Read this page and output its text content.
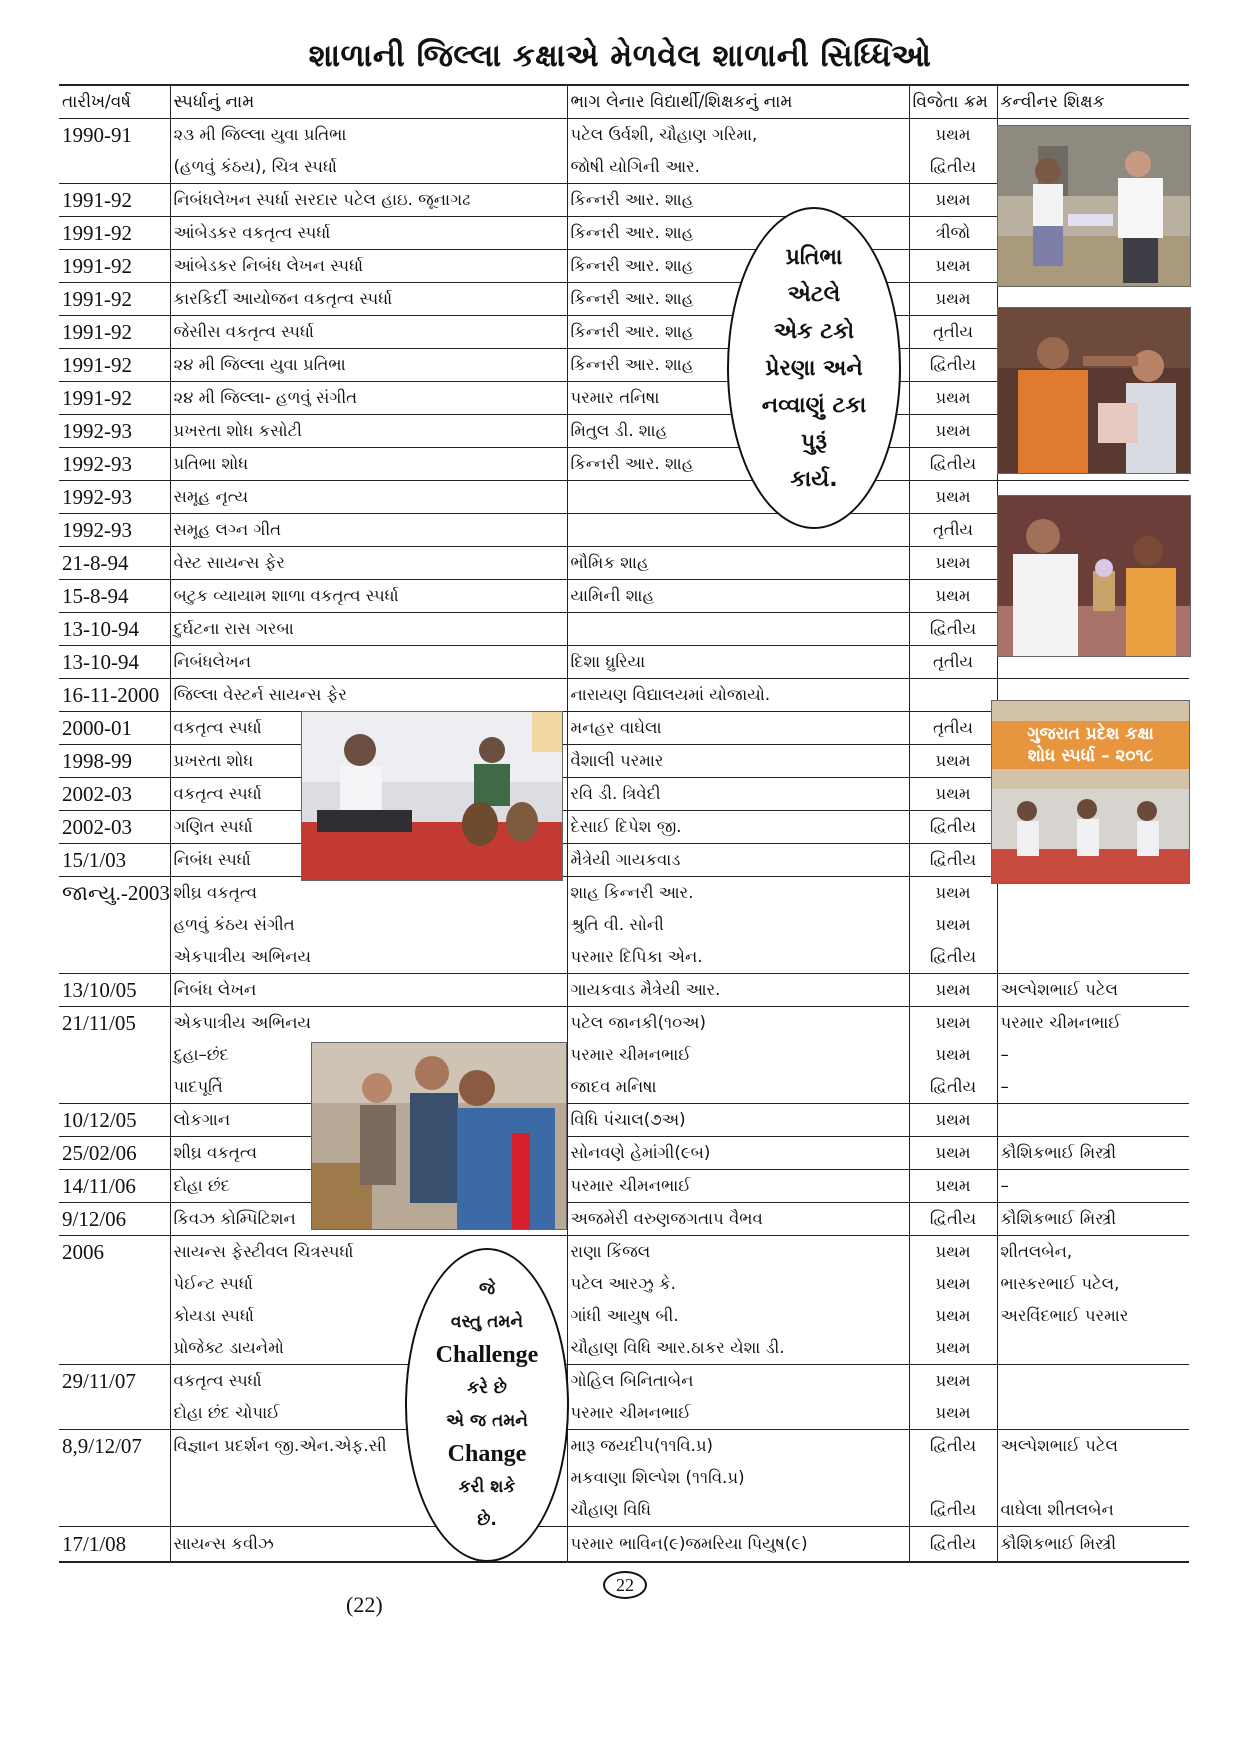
શાળાની જિલ્લા કક્ષાએ મેળવેલ શાળાની સિધ્ધિઓ
તારીખ/વર્ષ	સ્પર્ધાનું નામ	ભાગ લેનાર વિદ્યાર્થી/શિક્ષકનું નામ	વિજેતા ક્રમ	કન્વીનર શિક્ષક
1990-91	૨૩ મી જિલ્લા યુવા પ્રતિભા	પટેલ ઉર્વશી, ચૌહાણ ગરિમા,	પ્રથમ	
	(હળવું કંઠય), ચિત્ર સ્પર્ધા	જોષી યોગિની આર.	દ્વિતીય	
1991-92	નિબંધલેખન સ્પર્ધા સરદાર પટેલ હાઇ. જૂનાગઢ	કિન્નરી આર. શાહ	પ્રથમ	
1991-92	આંબેડકર વકતૃત્વ સ્પર્ધા	કિન્નરી આર. શાહ	ત્રીજો	
1991-92	આંબેડકર નિબંધ લેખન સ્પર્ધા	કિન્નરી આર. શાહ	પ્રથમ	
1991-92	કારકિર્દી આયોજન વકતૃત્વ સ્પર્ધા	કિન્નરી આર. શાહ	પ્રથમ	
1991-92	જેસીસ વકતૃત્વ સ્પર્ધા	કિન્નરી આર. શાહ	તૃતીય	
1991-92	૨૪ મી જિલ્લા યુવા પ્રતિભા	કિન્નરી આર. શાહ	દ્વિતીય	
1991-92	૨૪ મી જિલ્લા- હળવું સંગીત	પરમાર તનિષા	પ્રથમ	
1992-93	પ્રખરતા શોધ કસોટી	મિતુલ ડી. શાહ	પ્રથમ	
1992-93	પ્રતિભા શોધ	કિન્નરી આર. શાહ	દ્વિતીય	
1992-93	સમૂહ નૃત્ય		પ્રથમ	
1992-93	સમૂહ લગ્ન ગીત		તૃતીય	
21-8-94	વેસ્ટ સાયન્સ ફેર	ભૌમિક શાહ	પ્રથમ	
15-8-94	બટુક વ્યાયામ શાળા વકતૃત્વ સ્પર્ધા	યામિની શાહ	પ્રથમ	
13-10-94	દુર્ઘટના રાસ ગરબા		દ્વિતીય	
13-10-94	નિબંધલેખન	દિશા ધ્રુરિયા	તૃતીય	
16-11-2000	જિલ્લા વેસ્ટર્ન સાયન્સ ફેર	નારાયણ વિદ્યાલયમાં યોજાયો.		
2000-01	વકતૃત્વ સ્પર્ધા	મનહર વાઘેલા	તૃતીય	
1998-99	પ્રખરતા શોધ	વૈશાલી પરમાર	પ્રથમ	
2002-03	વકતૃત્વ સ્પર્ધા	રવિ ડી. ત્રિવેદી	પ્રથમ	
2002-03	ગણિત સ્પર્ધા	દેસાઈ દિપેશ જી.	દ્વિતીય	
15/1/03	નિબંધ સ્પર્ધા	મૈત્રેયી ગાયકવાડ	દ્વિતીય	
જાન્યુ.-2003	શીઘ્ર વકતૃત્વ	શાહ કિન્નરી આર.	પ્રથમ	
	હળવું કંઠય સંગીત	શ્રુતિ વી. સોની	પ્રથમ	
	એકપાત્રીય અભિનય	પરમાર દિપિકા એન.	દ્વિતીય	
13/10/05	નિબંધ લેખન	ગાયકવાડ મૈત્રેયી આર.	પ્રથમ	અલ્પેશભાઈ પટેલ
21/11/05	એકપાત્રીય અભિનય	પટેલ જાનકી(૧૦અ)	પ્રથમ	પરમાર ચીમનભાઈ
	દુહા–છંદ	પરમાર ચીમનભાઈ	પ્રથમ	–
	પાદપૂર્તિ	જાદવ મનિષા	દ્વિતીય	–
10/12/05	લોકગાન	વિધિ પંચાલ(૭અ)	પ્રથમ	
25/02/06	શીઘ્ર વકતૃત્વ	સોનવણે હેમાંગી(૯બ)	પ્રથમ	કૌશિકભાઈ મિસ્ત્રી
14/11/06	દોહા છંદ	પરમાર ચીમનભાઈ	પ્રથમ	–
9/12/06	કિવઝ કોમ્પિટિશન	અજમેરી વરુણજગતાપ વૈભવ	દ્વિતીય	કૌશિકભાઈ મિસ્ત્રી
2006	સાયન્સ ફેસ્ટીવલ ચિત્રસ્પર્ધા	રાણા કિંજલ	પ્રથમ	શીતલબેન,
	પેઈન્ટ સ્પર્ધા	પટેલ આરઝુ કે.	પ્રથમ	ભાસ્કરભાઈ પટેલ,
	કોયડા સ્પર્ધા	ગાંધી આયુષ બી.	પ્રથમ	અરવિંદભાઈ પરમાર
	પ્રોજેક્ટ ડાયનેમો	ચૌહાણ વિધિ આર.ઠાકર યેશા ડી.	પ્રથમ	
29/11/07	વકતૃત્વ સ્પર્ધા	ગોહિલ બિનિતાબેન	પ્રથમ	
	દોહા છંદ ચોપાઈ	પરમાર ચીમનભાઈ	પ્રથમ	
8,9/12/07	વિજ્ઞાન પ્રદર્શન જી.એન.એફ.સી	મારૂ જયદીપ(૧૧વિ.પ્ર)	દ્વિતીય	અલ્પેશભાઈ પટેલ
		મકવાણા શિલ્પેશ (૧૧વિ.પ્ર)		
		ચૌહાણ વિધિ	દ્વિતીય	વાઘેલા શીતલબેન
17/1/08	સાયન્સ કવીઝ	પરમાર ભાવિન(૯)જમરિયા પિયુષ(૯)	દ્વિતીય	કૌશિકભાઈ મિસ્ત્રી
ગુજરાત પ્રદેશ કક્ષા
શોધ સ્પર્ધા – ૨૦૧૮
પ્રતિભા
એટલે
એક ટકો
પ્રેરણા અને
નવ્વાણું ટકા
પુરૂં
કાર્ય.
જે
વસ્તુ તમને
Challenge
કરે છે
એ જ તમને
Change
કરી શકે
છે.
22
(22)
